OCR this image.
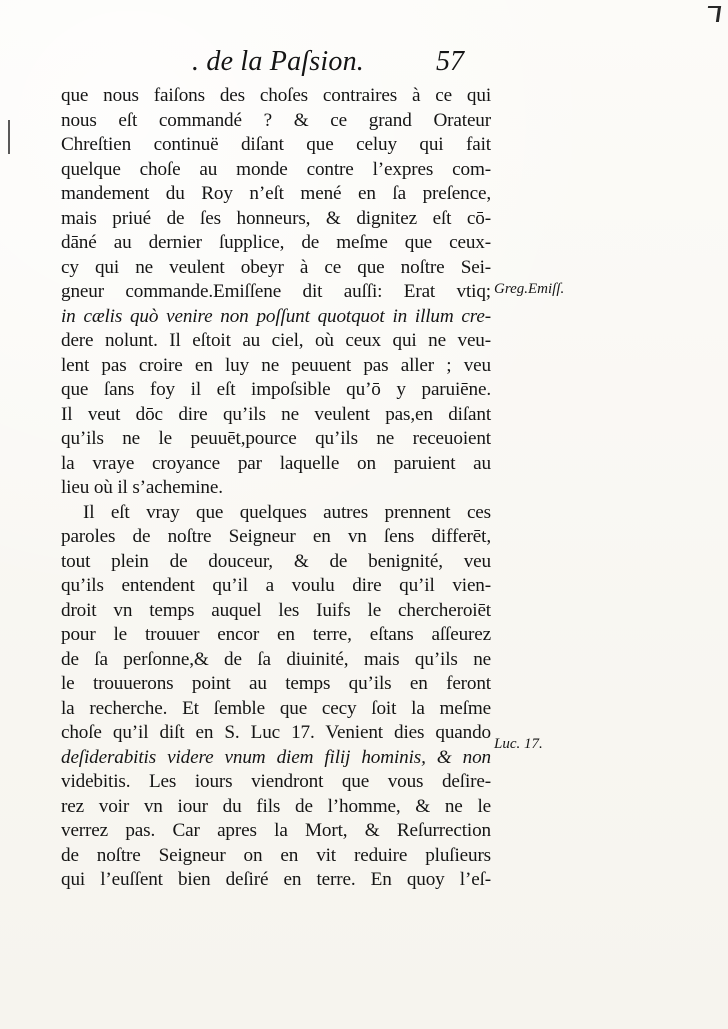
. de la Paſsion.	57
que nous faiſons des choſes contraires à ce qui
nous eſt commandé ? & ce grand Orateur
Chreſtien continuë diſant que celuy qui fait
quelque choſe au monde contre l’expres com-
mandement du Roy n’eſt mené en ſa preſence,
mais priué de ſes honneurs, & dignitez eſt cō-
dāné au dernier ſupplice, de meſme que ceux-
cy qui ne veulent obeyr à ce que noſtre Sei-
gneur commande.Emiſſene dit auſſi: Erat vtiq;
in cælis quò venire non poſſunt quotquot in illum cre-
dere nolunt. Il eſtoit au ciel, où ceux qui ne veu-
lent pas croire en luy ne peuuent pas aller ; veu
que ſans foy il eſt impoſsible qu’ō y paruiēne.
Il veut dōc dire qu’ils ne veulent pas,en diſant
qu’ils ne le peuuēt,pource qu’ils ne receuoient
la vraye croyance par laquelle on paruient au
lieu où il s’achemine.
Il eſt vray que quelques autres prennent ces
paroles de noſtre Seigneur en vn ſens differēt,
tout plein de douceur, & de benignité, veu
qu’ils entendent qu’il a voulu dire qu’il vien-
droit vn temps auquel les Iuifs le chercheroiēt
pour le trouuer encor en terre, eſtans aſſeurez
de ſa perſonne,& de ſa diuinité, mais qu’ils ne
le trouuerons point au temps qu’ils en feront
la recherche. Et ſemble que cecy ſoit la meſme
choſe qu’il diſt en S. Luc 17. Venient dies quando
deſiderabitis videre vnum diem filij hominis, & non
videbitis. Les iours viendront que vous deſire-
rez voir vn iour du fils de l’homme, & ne le
verrez pas. Car apres la Mort, & Reſurrection
de noſtre Seigneur on en vit reduire pluſieurs
qui l’euſſent bien deſiré en terre. En quoy l’eſ-
Greg.Emiſſ.
Luc. 17.
